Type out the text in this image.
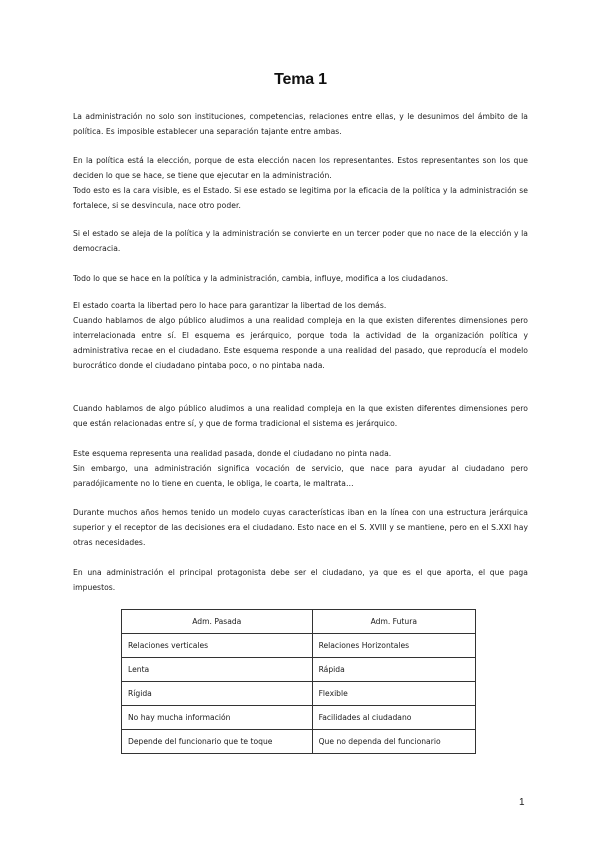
Tema 1

La administración no solo son instituciones, competencias, relaciones entre ellas, y le desunimos del ámbito de la política. Es imposible establecer una separación tajante entre ambas.

En la política está la elección, porque de esta elección nacen los representantes. Estos representantes son los que deciden lo que se hace, se tiene que ejecutar en la administración.
Todo esto es la cara visible, es el Estado. Si ese estado se legitima por la eficacia de la política y la administración se fortalece, si se desvincula, nace otro poder.

Si el estado se aleja de la política y la administración se convierte en un tercer poder que no nace de la elección y la democracia.

Todo lo que se hace en la política y la administración, cambia, influye, modifica a los ciudadanos.

El estado coarta la libertad pero lo hace para garantizar la libertad de los demás.
Cuando hablamos de algo público aludimos a una realidad compleja en la que existen diferentes dimensiones pero interrelacionada entre sí. El esquema es jerárquico, porque toda la actividad de la organización política y administrativa recae en el ciudadano. Este esquema responde a una realidad del pasado, que reproducía el modelo burocrático donde el ciudadano pintaba poco, o no pintaba nada.

Cuando hablamos de algo público aludimos a una realidad compleja en la que existen diferentes dimensiones pero que están relacionadas entre sí, y que de forma tradicional el sistema es jerárquico.

Este esquema representa una realidad pasada, donde el ciudadano no pinta nada.
Sin embargo, una administración significa vocación de servicio, que nace para ayudar al ciudadano pero paradójicamente no lo tiene en cuenta, le obliga, le coarta, le maltrata…

Durante muchos años hemos tenido un modelo cuyas características iban en la línea con una estructura jerárquica superior y el receptor de las decisiones era el ciudadano. Esto nace en el S. XVIII y se mantiene, pero en el S.XXI hay otras necesidades.

En una administración el principal protagonista debe ser el ciudadano, ya que es el que aporta, el que paga impuestos.

Adm. Pasada	Adm. Futura
Relaciones verticales	Relaciones Horizontales
Lenta	Rápida
Rígida	Flexible
No hay mucha información	Facilidades al ciudadano
Depende del funcionario que te toque	Que no dependa del funcionario
1
